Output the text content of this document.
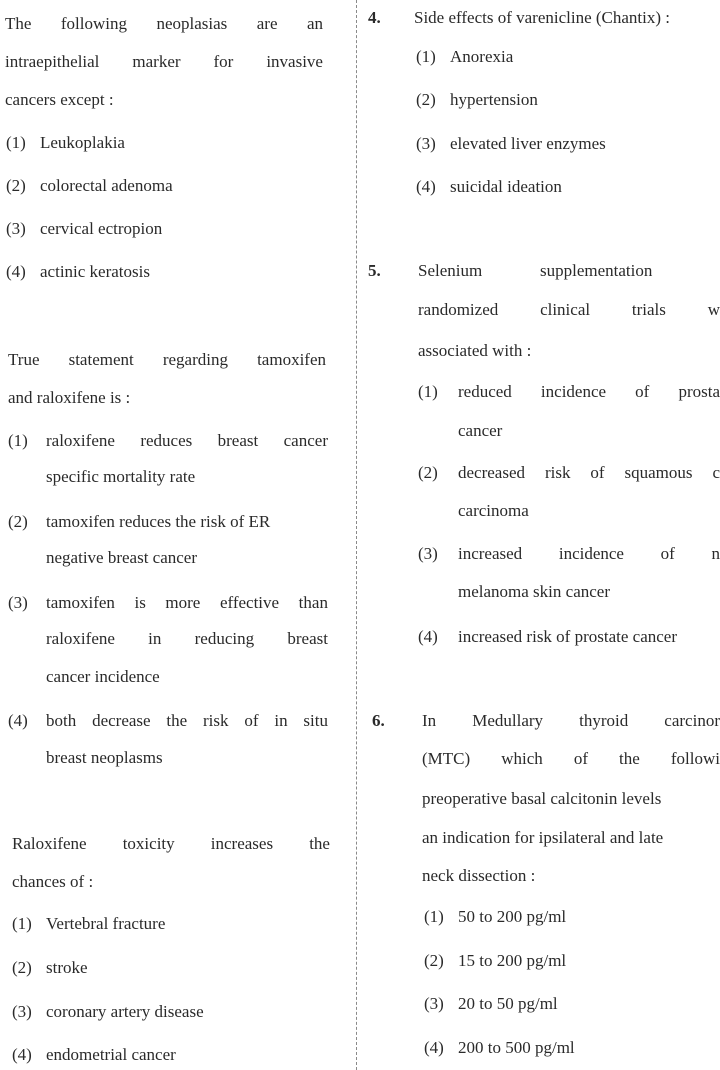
The following neoplasias are an
intraepithelial marker for invasive
cancers except :
(1) Leukoplakia
(2) colorectal adenoma
(3) cervical ectropion
(4) actinic keratosis
True statement regarding tamoxifen
and raloxifene is :
(1) raloxifene reduces breast cancer
specific mortality rate
(2) tamoxifen reduces the risk of ER
negative breast cancer
(3) tamoxifen is more effective than
raloxifene in reducing breast
cancer incidence
(4) both decrease the risk of in situ
breast neoplasms
Raloxifene toxicity increases the
chances of :
(1) Vertebral fracture
(2) stroke
(3) coronary artery disease
(4) endometrial cancer
4. Side effects of varenicline (Chantix) :
(1) Anorexia
(2) hypertension
(3) elevated liver enzymes
(4) suicidal ideation
5. Selenium	supplementation
randomized clinical trials w
associated with :
(1) reduced incidence of prosta
cancer
(2) decreased risk of squamous c
carcinoma
(3) increased incidence of n
melanoma skin cancer
(4) increased risk of prostate cancer
6. In Medullary thyroid carcinor
(MTC) which of the followi
preoperative basal calcitonin levels
an indication for ipsilateral and late
neck dissection :
(1) 50 to 200 pg/ml
(2) 15 to 200 pg/ml
(3) 20 to 50 pg/ml
(4) 200 to 500 pg/ml
